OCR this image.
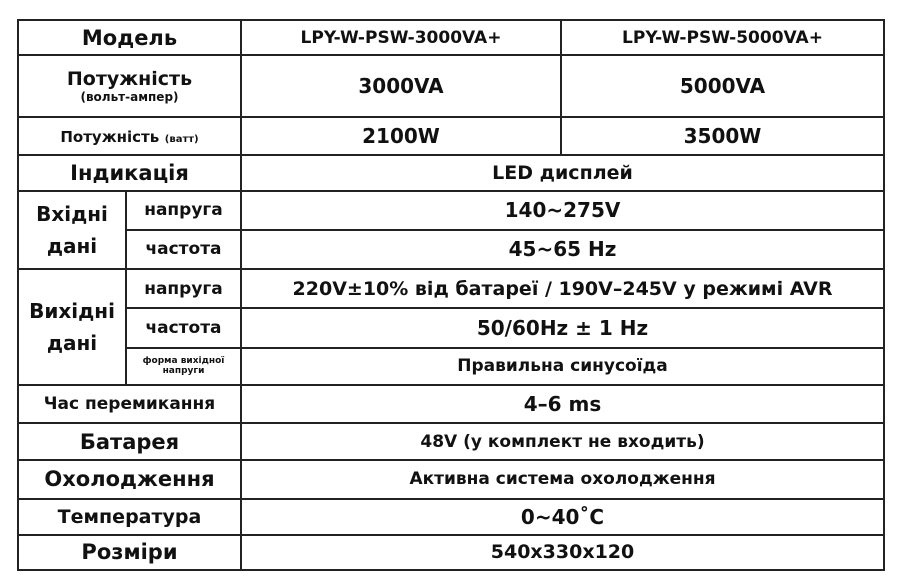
Модель		LPY-W-PSW-3000VA+	LPY-W-PSW-5000VA+

Потужність
(вольт-ампер)		3000VA	5000VA
Потужність (ватт)		2100W	3500W
Індикація		LED дисплей	

Вхідні
дані	напруга	140~275V	
	частота	45~65 Hz	

Вихідні
дані	напруга	220V±10% від батареї / 190V–245V у режимі AVR	
	частота	50/60Hz ± 1 Hz	
	форма вихідної напруги	Правильна синусоїда	
Час перемикання		4–6 ms	
Батарея		48V (у комплект не входить)	
Охолодження		Активна система охолодження	
Температура		0~40˚C	
Розміри		540x330x120	
